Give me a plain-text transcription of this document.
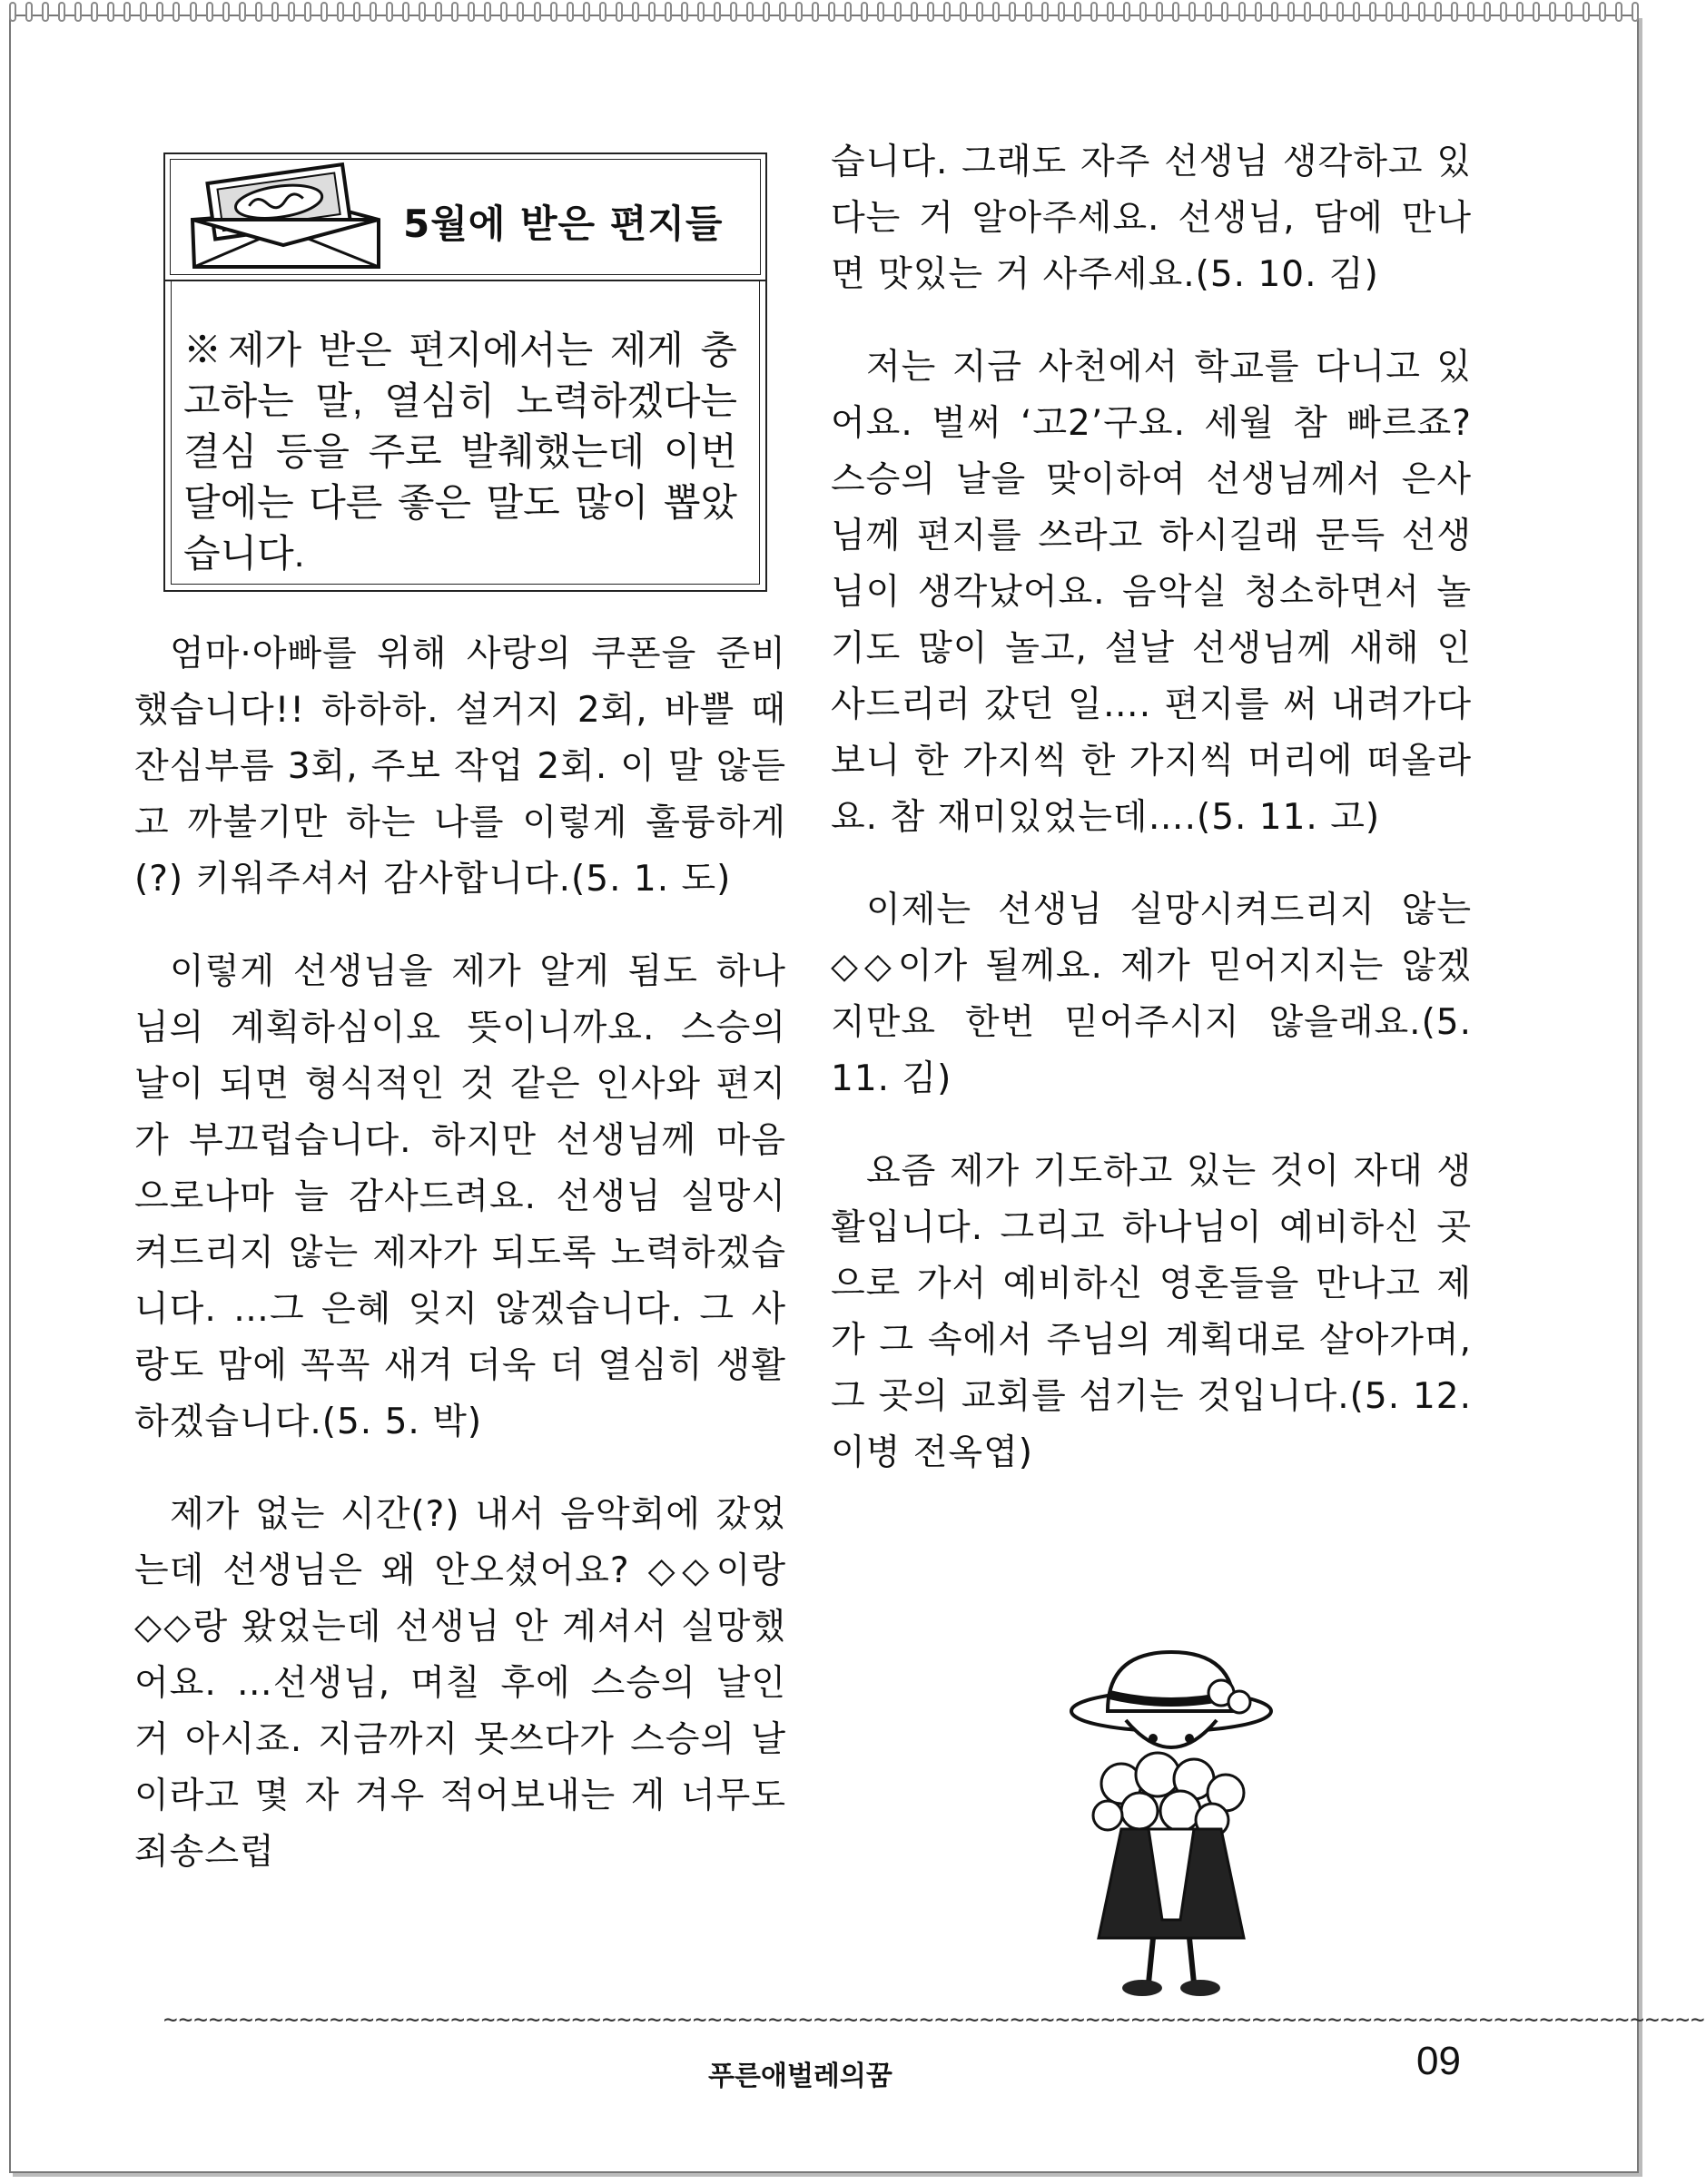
5월에 받은 편지들
※제가 받은 편지에서는 제게 충고하는 말, 열심히 노력하겠다는 결심 등을 주로 발췌했는데 이번 달에는 다른 좋은 말도 많이 뽑았습니다.

엄마·아빠를 위해 사랑의 쿠폰을 준비했습니다!! 하하하. 설거지 2회, 바쁠 때 잔심부름 3회, 주보 작업 2회. 이 말 않듣고 까불기만 하는 나를 이렇게 훌륭하게(?) 키워주셔서 감사합니다.(5. 1. 도)

이렇게 선생님을 제가 알게 됨도 하나님의 계획하심이요 뜻이니까요. 스승의 날이 되면 형식적인 것 같은 인사와 편지가 부끄럽습니다. 하지만 선생님께 마음으로나마 늘 감사드려요. 선생님 실망시켜드리지 않는 제자가 되도록 노력하겠습니다. …그 은혜 잊지 않겠습니다. 그 사랑도 맘에 꼭꼭 새겨 더욱 더 열심히 생활하겠습니다.(5. 5. 박)

제가 없는 시간(?) 내서 음악회에 갔었는데 선생님은 왜 안오셨어요? ◇◇이랑 ◇◇랑 왔었는데 선생님 안 계셔서 실망했어요. …선생님, 며칠 후에 스승의 날인 거 아시죠. 지금까지 못쓰다가 스승의 날이라고 몇 자 겨우 적어보내는 게 너무도 죄송스럽

습니다. 그래도 자주 선생님 생각하고 있다는 거 알아주세요. 선생님, 담에 만나면 맛있는 거 사주세요.(5. 10. 김)

저는 지금 사천에서 학교를 다니고 있어요. 벌써 ‘고2’구요. 세월 참 빠르죠? 스승의 날을 맞이하여 선생님께서 은사님께 편지를 쓰라고 하시길래 문득 선생님이 생각났어요. 음악실 청소하면서 놀기도 많이 놀고, 설날 선생님께 새해 인사드리러 갔던 일…. 편지를 써 내려가다 보니 한 가지씩 한 가지씩 머리에 떠올라요. 참 재미있었는데….(5. 11. 고)

이제는 선생님 실망시켜드리지 않는 ◇◇이가 될께요. 제가 믿어지지는 않겠지만요 한번 믿어주시지 않을래요.(5. 11. 김)

요즘 제가 기도하고 있는 것이 자대 생활입니다. 그리고 하나님이 예비하신 곳으로 가서 예비하신 영혼들을 만나고 제가 그 속에서 주님의 계획대로 살아가며, 그 곳의 교회를 섬기는 것입니다.(5. 12. 이병 전옥엽)

~~~~~~~~~~~~~~~~~~~~~~~~~~~~~~~~~~~~~~~~~~~~~~~~~~~~~~~~~~~~~~~~~~~~~~~~~~~~~~~~~~~~~~~~~~~~~~~~~~~~~~
푸른애벌레의꿈	09
